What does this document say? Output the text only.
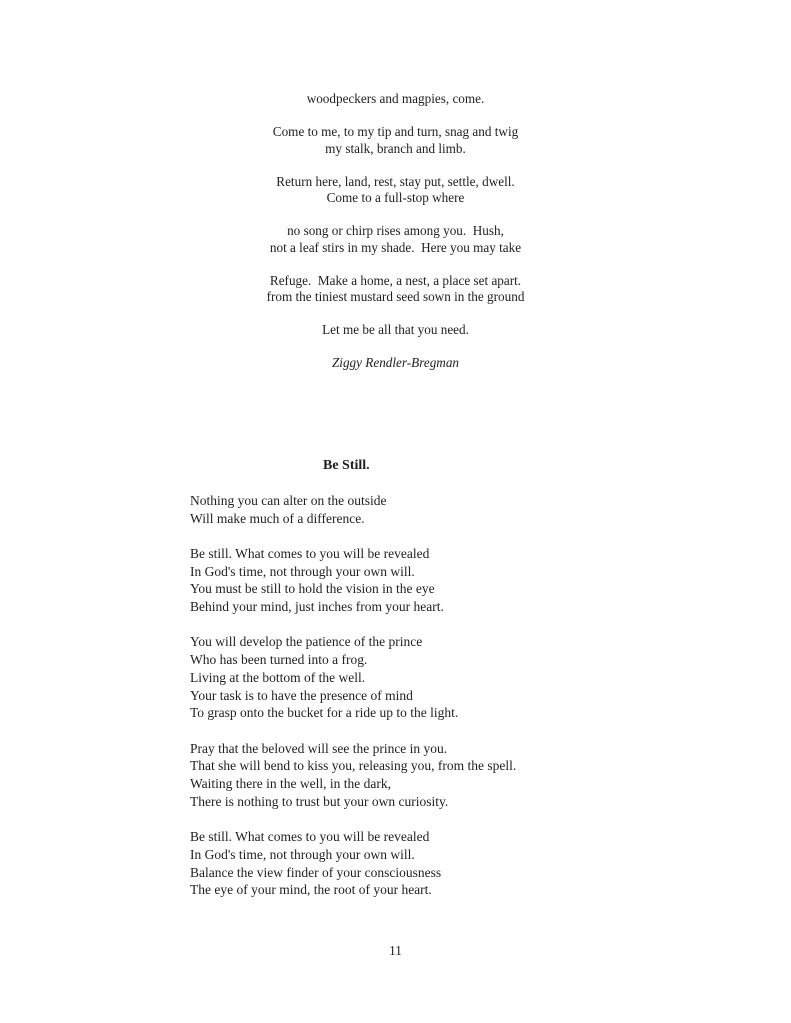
woodpeckers and magpies, come.
Come to me, to my tip and turn, snag and twig
my stalk, branch and limb.
Return here, land, rest, stay put, settle, dwell.
Come to a full-stop where
no song or chirp rises among you.  Hush,
not a leaf stirs in my shade.  Here you may take
Refuge.  Make a home, a nest, a place set apart.
from the tiniest mustard seed sown in the ground
Let me be all that you need.
Ziggy Rendler-Bregman
Be Still.
Nothing you can alter on the outside
Will make much of a difference.
Be still. What comes to you will be revealed
In God's time, not through your own will.
You must be still to hold the vision in the eye
Behind your mind, just inches from your heart.
You will develop the patience of the prince
Who has been turned into a frog.
Living at the bottom of the well.
Your task is to have the presence of mind
To grasp onto the bucket for a ride up to the light.
Pray that the beloved will see the prince in you.
That she will bend to kiss you, releasing you, from the spell.
Waiting there in the well, in the dark,
There is nothing to trust but your own curiosity.
Be still. What comes to you will be revealed
In God's time, not through your own will.
Balance the view finder of your consciousness
The eye of your mind, the root of your heart.
11
